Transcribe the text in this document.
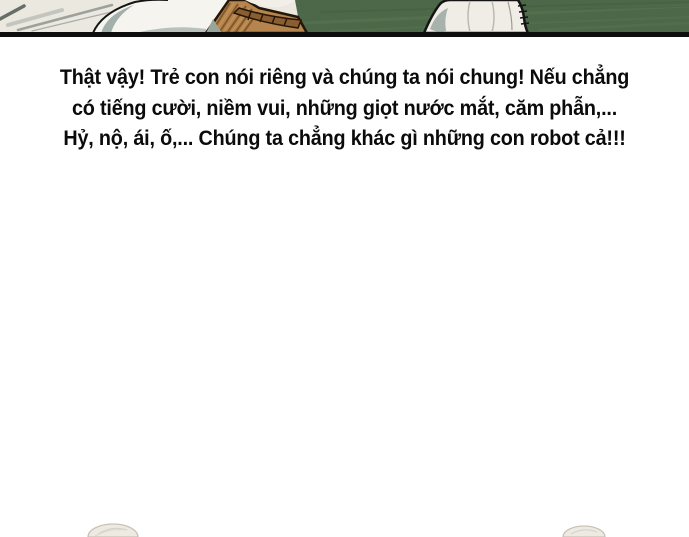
Thật vậy! Trẻ con nói riêng và chúng ta nói chung! Nếu chẳng
có tiếng cười, niềm vui, những giọt nước mắt, căm phẫn,...
Hỷ, nộ, ái, ố,... Chúng ta chẳng khác gì những con robot cả!!!
